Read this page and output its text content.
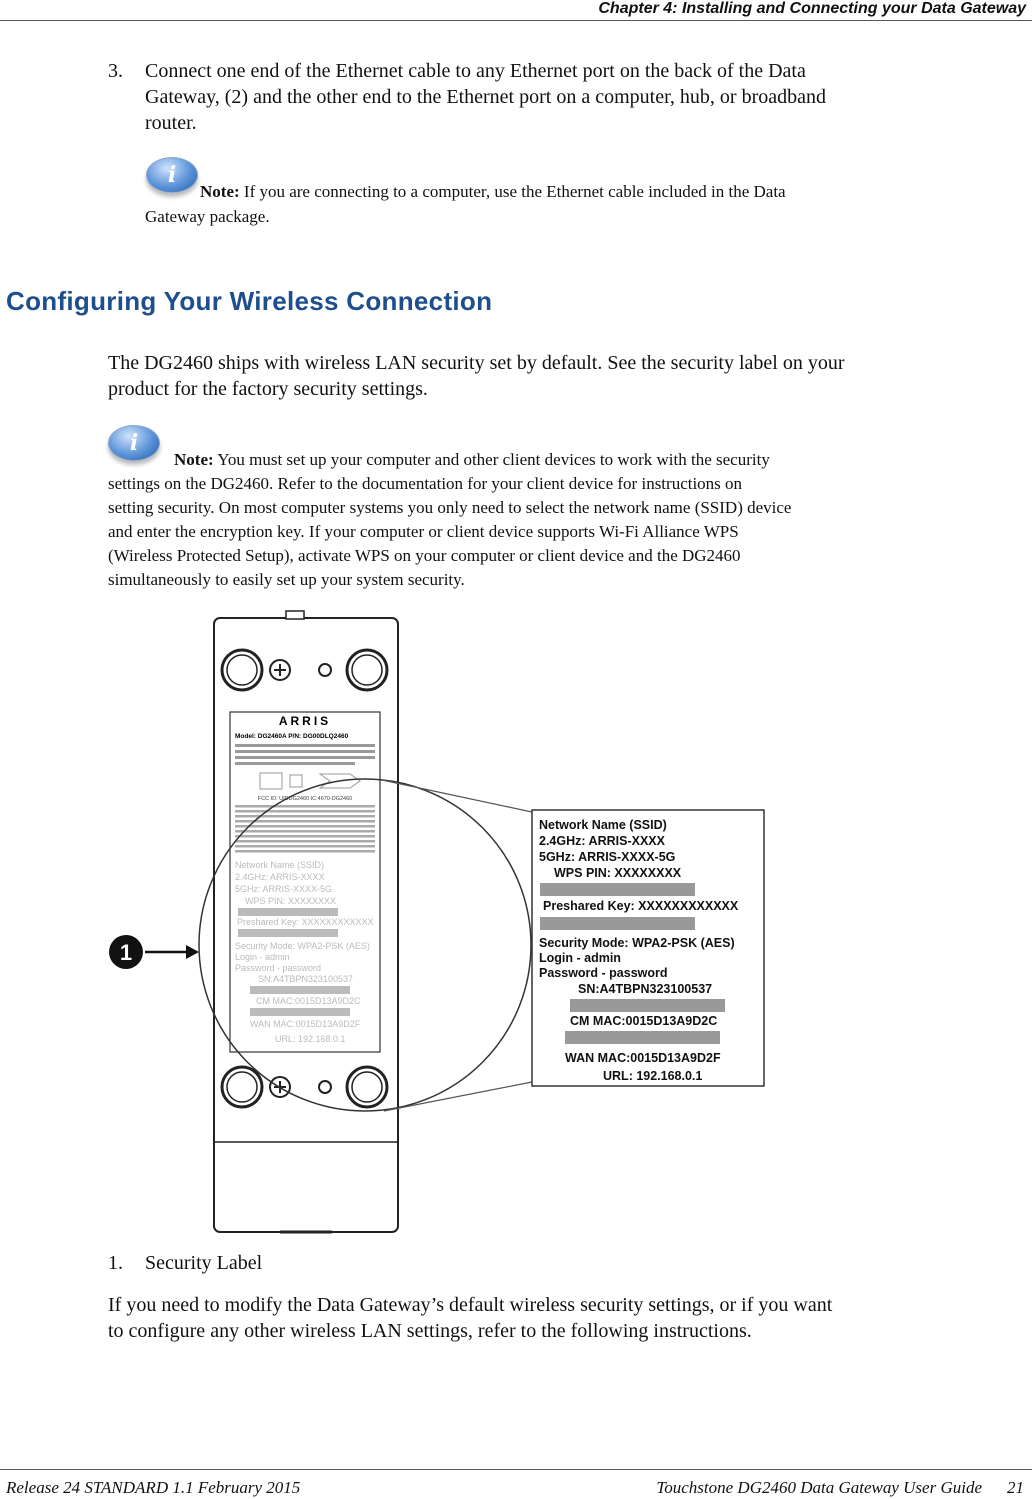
Chapter 4: Installing and Connecting your Data Gateway
3. Connect one end of the Ethernet cable to any Ethernet port on the back of the Data
Gateway, (2) and the other end to the Ethernet port on a computer, hub, or broadband
router.
i
Note: If you are connecting to a computer, use the Ethernet cable included in the Data
Gateway package.
Configuring Your Wireless Connection
The DG2460 ships with wireless LAN security set by default. See the security label on your
product for the factory security settings.
i
Note: You must set up your computer and other client devices to work with the security
settings on the DG2460. Refer to the documentation for your client device for instructions on
setting security. On most computer systems you only need to select the network name (SSID) device
and enter the encryption key. If your computer or client device supports Wi-Fi Alliance WPS
(Wireless Protected Setup), activate WPS on your computer or client device and the DG2460
simultaneously to easily set up your system security.
ARRIS
Model: DG2460A P/N: DG00DLQ2460
FCC ID: UIDDG2460 IC:4670-DG2460
Network Name (SSID)
2.4GHz: ARRIS-XXXX
5GHz: ARRIS-XXXX-5G
WPS PIN: XXXXXXXX
Preshared Key: XXXXXXXXXXXX
Security Mode: WPA2-PSK (AES)
Login - admin
Password - password
SN:A4TBPN323100537
CM MAC:0015D13A9D2C
WAN MAC:0015D13A9D2F
URL: 192.168.0.1
1
Network Name (SSID)
2.4GHz: ARRIS-XXXX
5GHz: ARRIS-XXXX-5G
WPS PIN: XXXXXXXX
Preshared Key: XXXXXXXXXXXX
Security Mode: WPA2-PSK (AES)
Login - admin
Password - password
SN:A4TBPN323100537
CM MAC:0015D13A9D2C
WAN MAC:0015D13A9D2F
URL: 192.168.0.1
1. Security Label
If you need to modify the Data Gateway’s default wireless security settings, or if you want
to configure any other wireless LAN settings, refer to the following instructions.
Release 24 STANDARD 1.1 February 2015	Touchstone DG2460 Data Gateway User Guide 21
